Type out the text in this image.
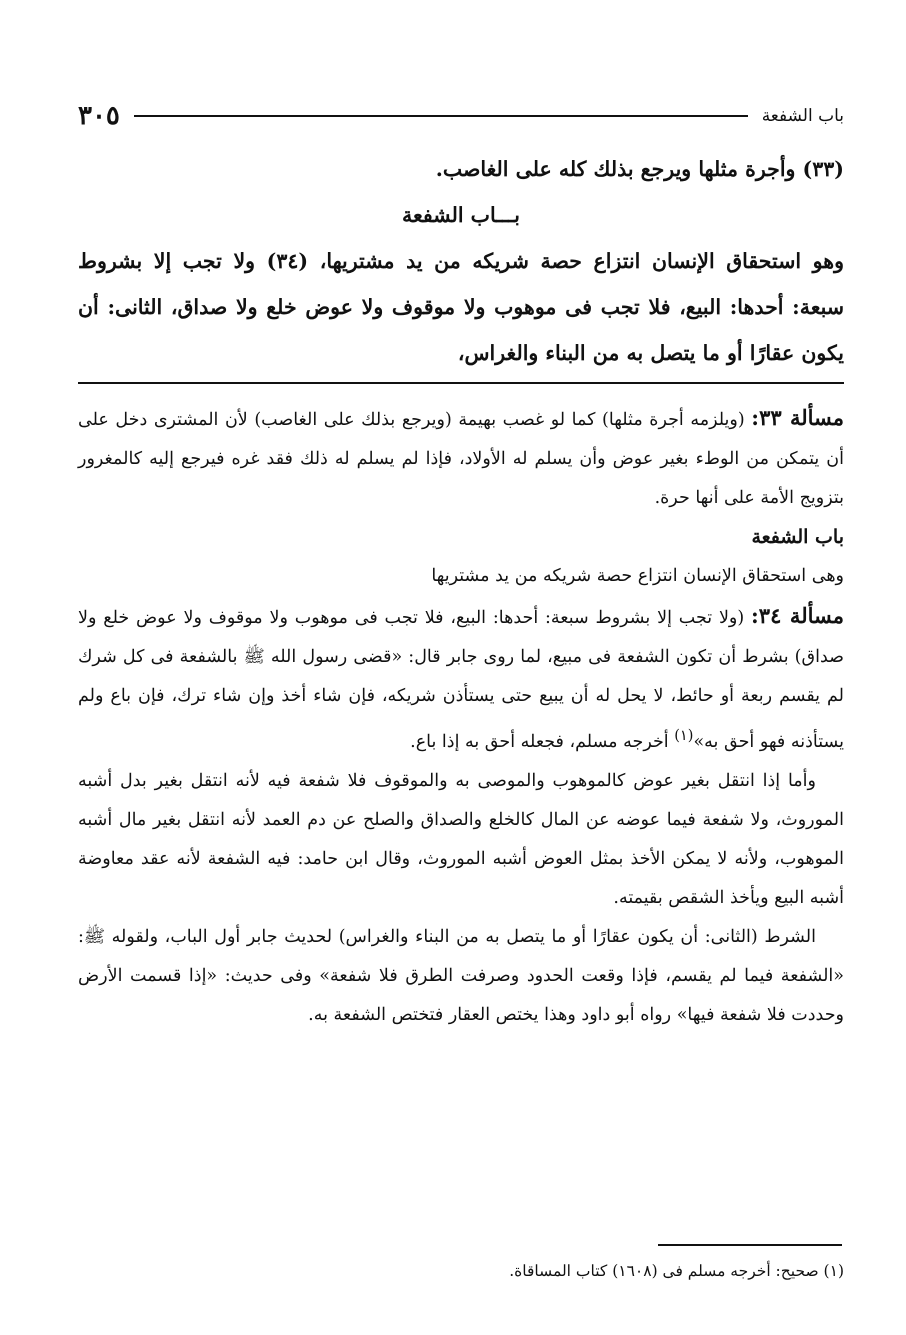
باب الشفعة
٣٠٥

(٣٣) وأجرة مثلها ويرجع بذلك كله على الغاصب.

بـــاب الشفعة

وهو استحقاق الإنسان انتزاع حصة شريكه من يد مشتريها، (٣٤) ولا تجب إلا بشروط سبعة: أحدها: البيع، فلا تجب فى موهوب ولا موقوف ولا عوض خلع ولا صداق، الثانى: أن يكون عقارًا أو ما يتصل به من البناء والغراس،

مسألة ٣٣: (ويلزمه أجرة مثلها) كما لو غصب بهيمة (ويرجع بذلك على الغاصب) لأن المشترى دخل على أن يتمكن من الوطء بغير عوض وأن يسلم له الأولاد، فإذا لم يسلم له ذلك فقد غره فيرجع إليه كالمغرور بتزويج الأمة على أنها حرة.

باب الشفعة

وهى استحقاق الإنسان انتزاع حصة شريكه من يد مشتريها

مسألة ٣٤: (ولا تجب إلا بشروط سبعة: أحدها: البيع، فلا تجب فى موهوب ولا موقوف ولا عوض خلع ولا صداق) بشرط أن تكون الشفعة فى مبيع، لما روى جابر قال: «قضى رسول الله ﷺ بالشفعة فى كل شرك لم يقسم ربعة أو حائط، لا يحل له أن يبيع حتى يستأذن شريكه، فإن شاء أخذ وإن شاء ترك، فإن باع ولم يستأذنه فهو أحق به»$^{(١)}$ أخرجه مسلم، فجعله أحق به إذا باع.

وأما إذا انتقل بغير عوض كالموهوب والموصى به والموقوف فلا شفعة فيه لأنه انتقل بغير بدل أشبه الموروث، ولا شفعة فيما عوضه عن المال كالخلع والصداق والصلح عن دم العمد لأنه انتقل بغير مال أشبه الموهوب، ولأنه لا يمكن الأخذ بمثل العوض أشبه الموروث، وقال ابن حامد: فيه الشفعة لأنه عقد معاوضة أشبه البيع ويأخذ الشقص بقيمته.

الشرط (الثانى: أن يكون عقارًا أو ما يتصل به من البناء والغراس) لحديث جابر أول الباب، ولقوله ﷺ: «الشفعة فيما لم يقسم، فإذا وقعت الحدود وصرفت الطرق فلا شفعة» وفى حديث: «إذا قسمت الأرض وحددت فلا شفعة فيها» رواه أبو داود وهذا يختص العقار فتختص الشفعة به.

(١) صحيح: أخرجه مسلم فى (١٦٠٨) كتاب المساقاة.
